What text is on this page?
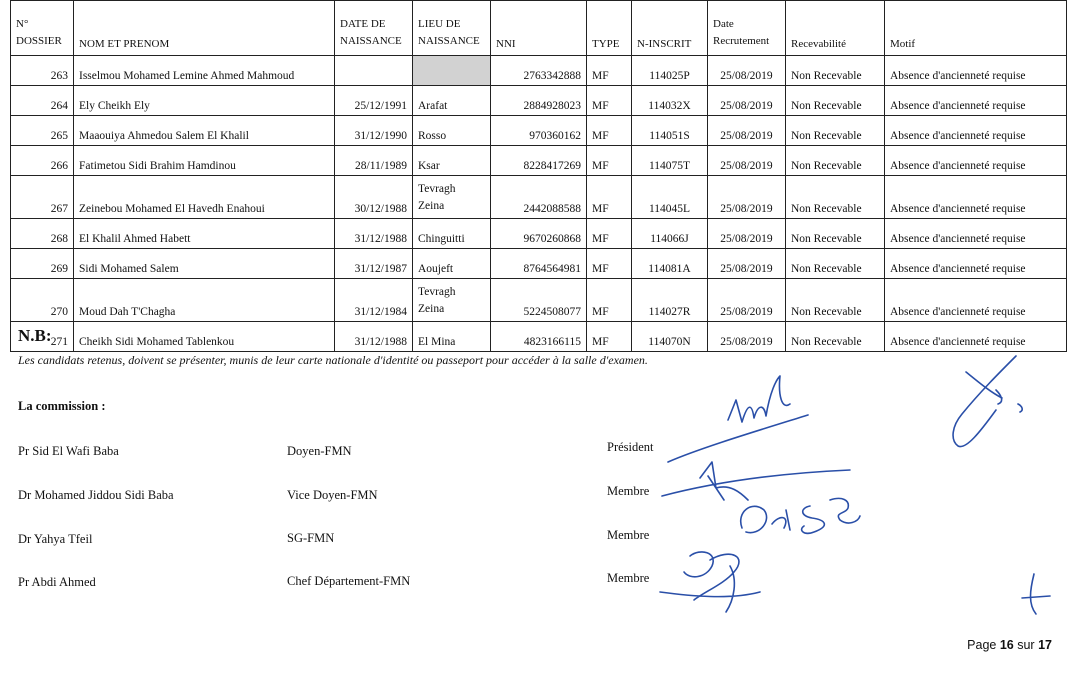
N°
DOSSIER	NOM ET PRENOM	DATE DE
NAISSANCE	LIEU DE
NAISSANCE	NNI	TYPE	N-INSCRIT	Date
Recrutement	Recevabilité	Motif
263	Isselmou Mohamed Lemine Ahmed Mahmoud			2763342888	MF	114025P	25/08/2019	Non Recevable	Absence d'ancienneté requise
264	Ely Cheikh Ely	25/12/1991	Arafat	2884928023	MF	114032X	25/08/2019	Non Recevable	Absence d'ancienneté requise
265	Maaouiya Ahmedou Salem El Khalil	31/12/1990	Rosso	970360162	MF	114051S	25/08/2019	Non Recevable	Absence d'ancienneté requise
266	Fatimetou Sidi Brahim Hamdinou	28/11/1989	Ksar	8228417269	MF	114075T	25/08/2019	Non Recevable	Absence d'ancienneté requise
267	Zeinebou Mohamed El Havedh Enahoui	30/12/1988	Tevragh
Zeina	2442088588	MF	114045L	25/08/2019	Non Recevable	Absence d'ancienneté requise
268	El Khalil Ahmed Habett	31/12/1988	Chinguitti	9670260868	MF	114066J	25/08/2019	Non Recevable	Absence d'ancienneté requise
269	Sidi Mohamed Salem	31/12/1987	Aoujeft	8764564981	MF	114081A	25/08/2019	Non Recevable	Absence d'ancienneté requise
270	Moud Dah T'Chagha	31/12/1984	Tevragh
Zeina	5224508077	MF	114027R	25/08/2019	Non Recevable	Absence d'ancienneté requise
271	Cheikh Sidi Mohamed Tablenkou	31/12/1988	El Mina	4823166115	MF	114070N	25/08/2019	Non Recevable	Absence d'ancienneté requise
N.B:
Les candidats retenus, doivent se présenter, munis de leur carte nationale d'identité ou passeport pour accéder à la salle d'examen.
La commission :
Pr Sid El Wafi Baba	Doyen-FMN	Président
Dr Mohamed Jiddou Sidi Baba	Vice Doyen-FMN	Membre
Dr Yahya Tfeil	SG-FMN	Membre
Pr Abdi Ahmed	Chef Département-FMN	Membre
Page 16 sur 17
